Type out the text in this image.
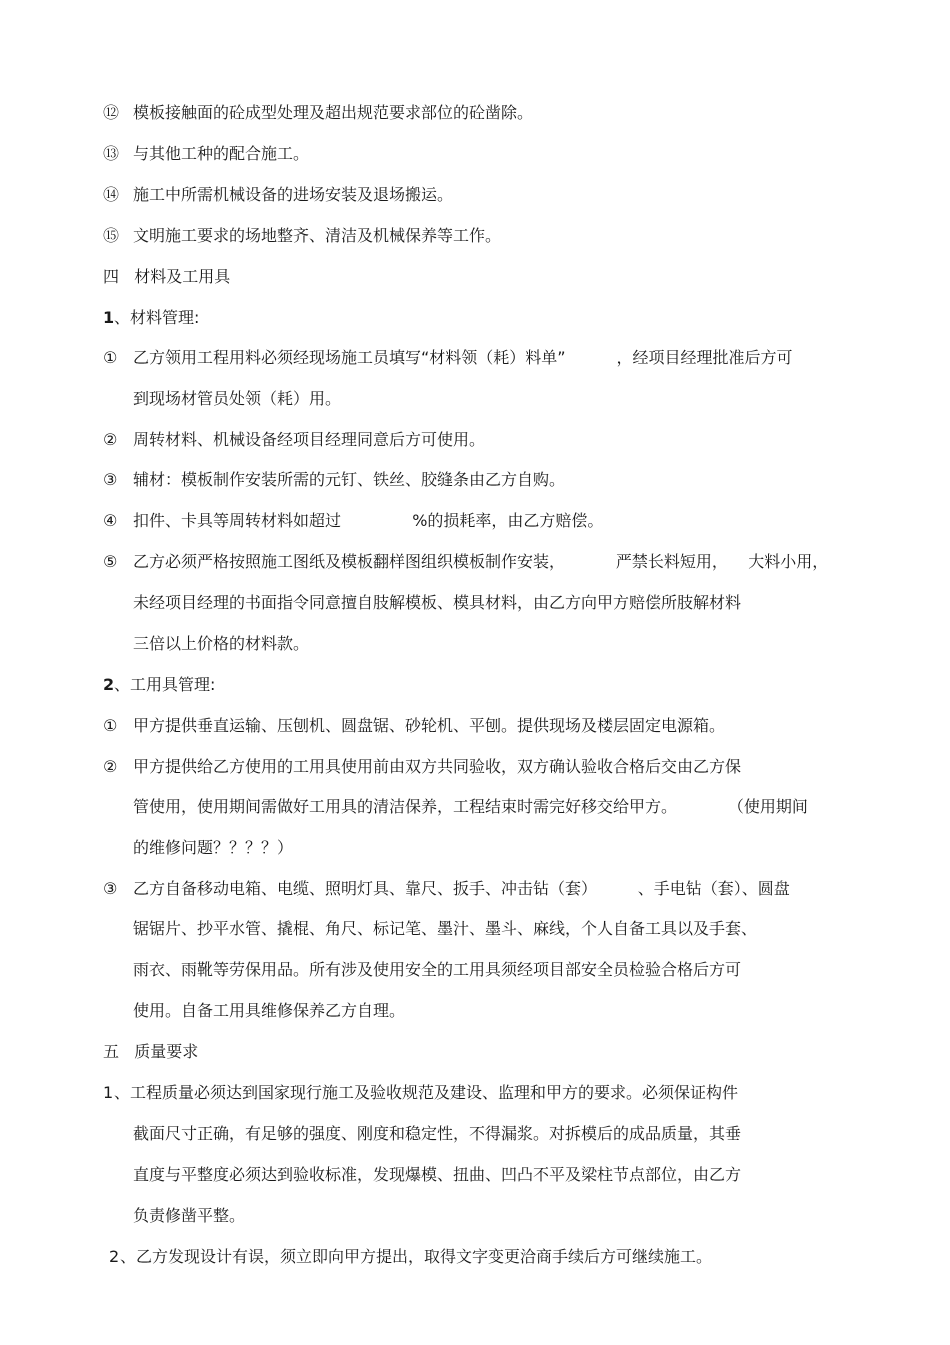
⑫ 模板接触面的砼成型处理及超出规范要求部位的砼凿除。
⑬ 与其他工种的配合施工。
⑭ 施工中所需机械设备的进场安装及退场搬运。
⑮ 文明施工要求的场地整齐、清洁及机械保养等工作。
四   材料及工用具
1 、材料管理:
① 乙方领用工程用料必须经现场施工员填写“材料领（耗）料单”          ，经项目经理批准后方可
到现场材管员处领（耗）用。
② 周转材料、机械设备经项目经理同意后方可使用。
③ 辅材：模板制作安装所需的元钉、铁丝、胶缝条由乙方自购。
④ 扣件、卡具等周转材料如超过              %的损耗率，由乙方赔偿。
⑤ 乙方必须严格按照施工图纸及模板翻样图组织模板制作安装，          严禁长料短用，    大料小用，
未经项目经理的书面指令同意擅自肢解模板、模具材料，由乙方向甲方赔偿所肢解材料
三倍以上价格的材料款。
2 、工用具管理:
① 甲方提供垂直运输、压刨机、圆盘锯、砂轮机、平刨。提供现场及楼层固定电源箱。
② 甲方提供给乙方使用的工用具使用前由双方共同验收，双方确认验收合格后交由乙方保
管使用，使用期间需做好工用具的清洁保养，工程结束时需完好移交给甲方。          （使用期间
的维修问题？？？？）
③ 乙方自备移动电箱、电缆、照明灯具、靠尺、扳手、冲击钻（套）        、手电钻（套）、圆盘
锯锯片、抄平水管、撬棍、角尺、标记笔、墨汁、墨斗、麻线，个人自备工具以及手套、
雨衣、雨靴等劳保用品。所有涉及使用安全的工用具须经项目部安全员检验合格后方可
使用。自备工用具维修保养乙方自理。
五   质量要求
1 、工程质量必须达到国家现行施工及验收规范及建设、监理和甲方的要求。必须保证构件
截面尺寸正确，有足够的强度、刚度和稳定性，不得漏浆。对拆模后的成品质量，其垂
直度与平整度必须达到验收标准，发现爆模、扭曲、凹凸不平及梁柱节点部位，由乙方
负责修凿平整。
2 、乙方发现设计有误，须立即向甲方提出，取得文字变更洽商手续后方可继续施工。
